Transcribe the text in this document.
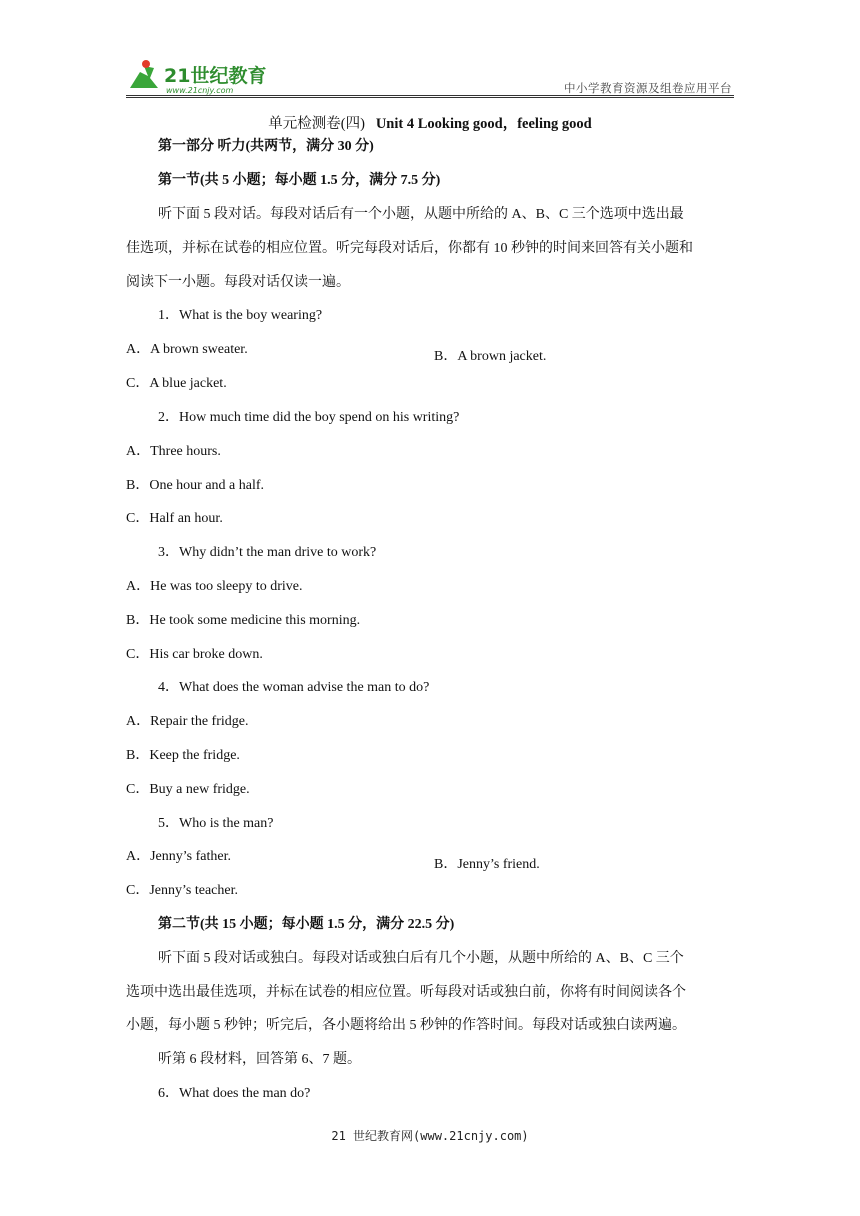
21世纪教育
www.21cnjy.com	中小学教育资源及组卷应用平台
单元检测卷(四) Unit 4 Looking good，feeling good
第一部分 听力(共两节，满分 30 分)
第一节(共 5 小题；每小题 1.5 分，满分 7.5 分)
听下面 5 段对话。每段对话后有一个小题，从题中所给的 A、B、C 三个选项中选出最
佳选项，并标在试卷的相应位置。听完每段对话后，你都有 10 秒钟的时间来回答有关小题和
阅读下一小题。每段对话仅读一遍。
1．What is the boy wearing?
A．A brown sweater.
C．A blue jacket.
2．How much time did the boy spend on his writing?
A．Three hours.
B．One hour and a half.
C．Half an hour.
3．Why didn’t the man drive to work?
A．He was too sleepy to drive.
B．He took some medicine this morning.
C．His car broke down.
4．What does the woman advise the man to do?
A．Repair the fridge.
B．Keep the fridge.
C．Buy a new fridge.
5．Who is the man?
A．Jenny’s father.
C．Jenny’s teacher.
第二节(共 15 小题；每小题 1.5 分，满分 22.5 分)
听下面 5 段对话或独白。每段对话或独白后有几个小题，从题中所给的 A、B、C 三个
选项中选出最佳选项，并标在试卷的相应位置。听每段对话或独白前，你将有时间阅读各个
小题，每小题 5 秒钟；听完后，各小题将给出 5 秒钟的作答时间。每段对话或独白读两遍。
听第 6 段材料，回答第 6、7 题。
6．What does the man do?
B．A brown jacket.
B．Jenny’s friend.
21 世纪教育网(www.21cnjy.com)
